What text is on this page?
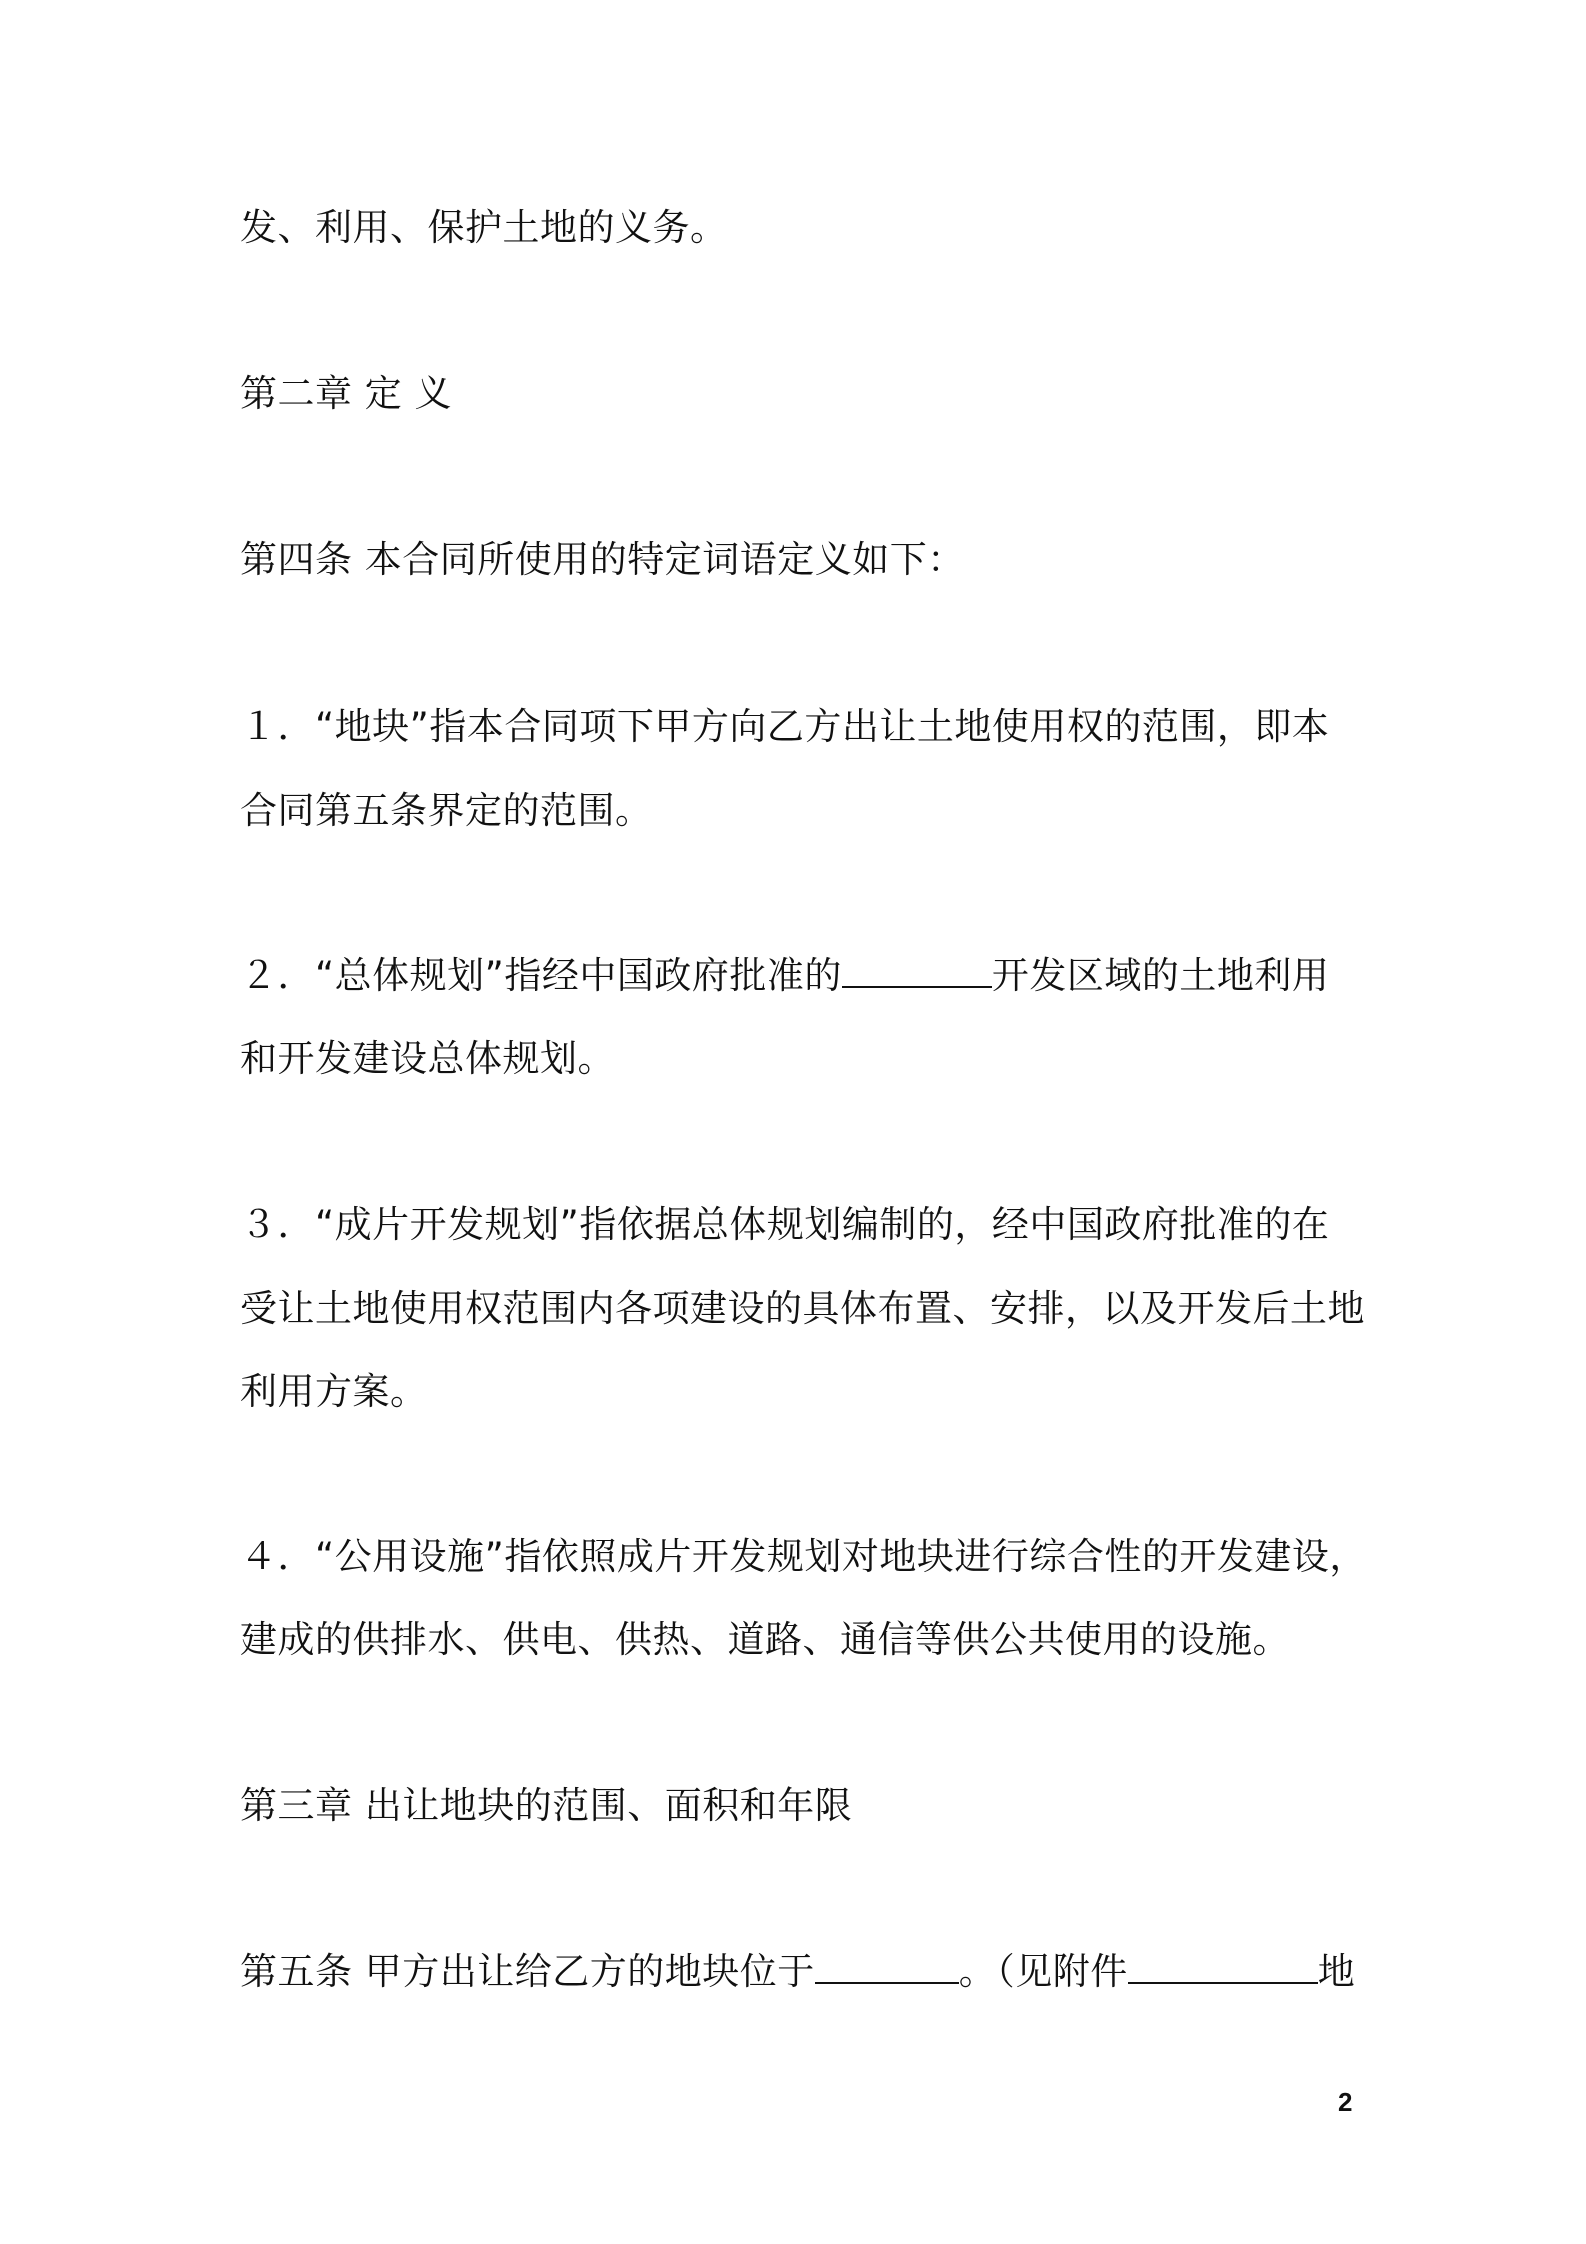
发、利用、保护土地的义务。
第二章 定 义
第四条 本合同所使用的特定词语定义如下：
１．“地块”指本合同项下甲方向乙方出让土地使用权的范围，即本
合同第五条界定的范围。
２．“总体规划”指经中国政府批准的	开发区域的土地利用
和开发建设总体规划。
３．“成片开发规划”指依据总体规划编制的，经中国政府批准的在
受让土地使用权范围内各项建设的具体布置、安排，以及开发后土地
利用方案。
４．“公用设施”指依照成片开发规划对地块进行综合性的开发建设，
建成的供排水、供电、供热、道路、通信等供公共使用的设施。
第三章 出让地块的范围、面积和年限
第五条 甲方出让给乙方的地块位于	。（见附件	地
2
